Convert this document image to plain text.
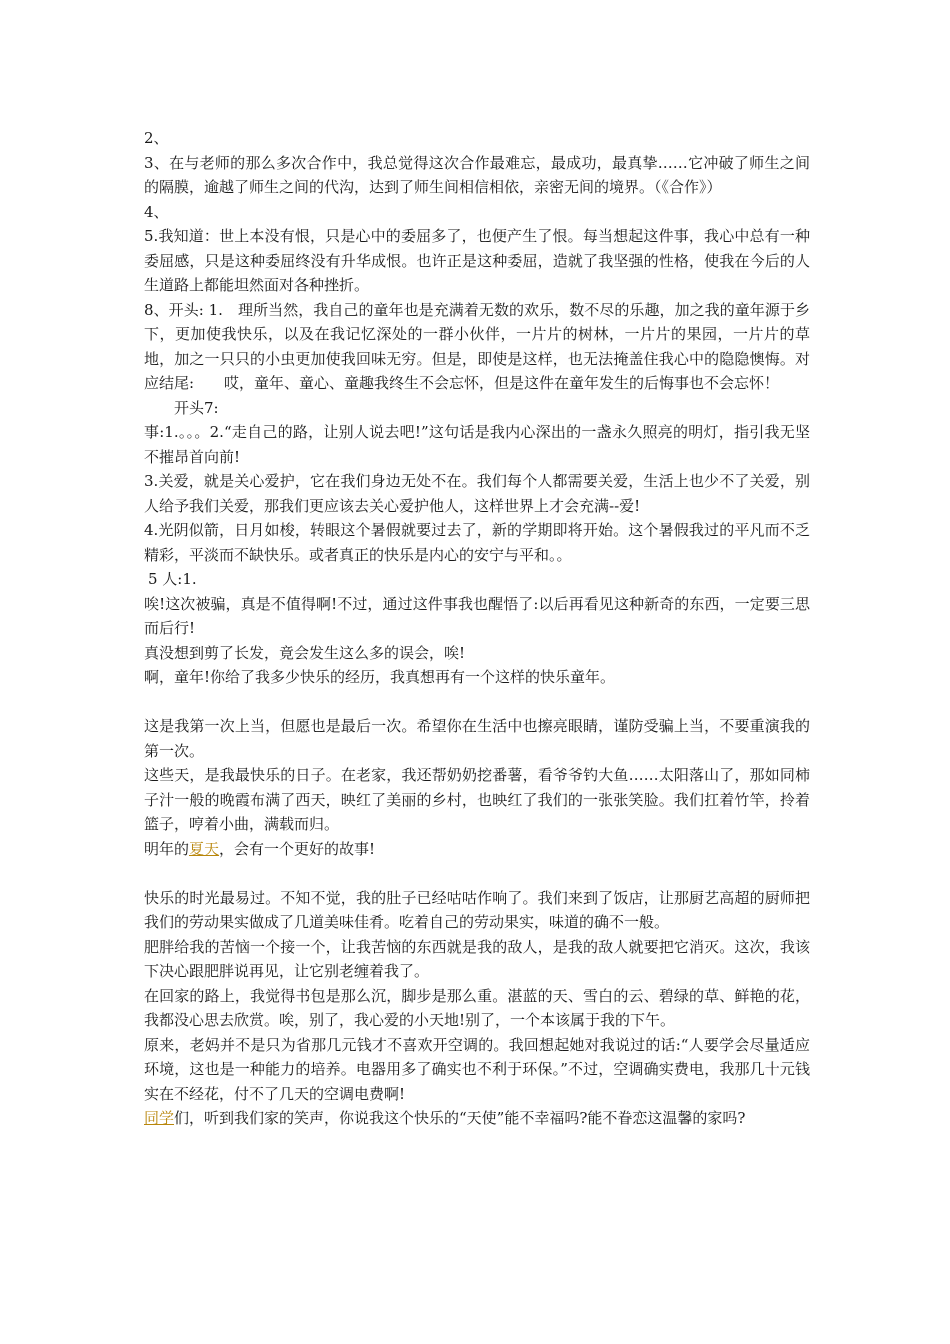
2、

3、在与老师的那么多次合作中，我总觉得这次合作最难忘，最成功，最真挚……它冲破了师生之间的隔膜，逾越了师生之间的代沟，达到了师生间相信相依，亲密无间的境界。（《合作》）

4、

5.我知道：世上本没有恨，只是心中的委屈多了，也便产生了恨。每当想起这件事，我心中总有一种委屈感，只是这种委屈终没有升华成恨。也许正是这种委屈，造就了我坚强的性格，使我在今后的人生道路上都能坦然面对各种挫折。

8、开头: 1.　理所当然，我自己的童年也是充满着无数的欢乐，数不尽的乐趣，加之我的童年源于乡下，更加使我快乐，以及在我记忆深处的一群小伙伴，一片片的树林，一片片的果园，一片片的草地，加之一只只的小虫更加使我回味无穷。但是，即使是这样，也无法掩盖住我心中的隐隐懊悔。对应结尾:　　哎，童年、童心、童趣我终生不会忘怀，但是这件在童年发生的后悔事也不会忘怀！

开头7:

事:1.。。。2.“走自己的路，让别人说去吧!”这句话是我内心深出的一盏永久照亮的明灯，指引我无坚不摧昂首向前!

3.关爱，就是关心爱护，它在我们身边无处不在。我们每个人都需要关爱，生活上也少不了关爱，别人给予我们关爱，那我们更应该去关心爱护他人，这样世界上才会充满--爱!

4.光阴似箭，日月如梭，转眼这个暑假就要过去了，新的学期即将开始。这个暑假我过的平凡而不乏精彩，平淡而不缺快乐。或者真正的快乐是内心的安宁与平和。。

5 人:1.

唉!这次被骗，真是不值得啊!不过，通过这件事我也醒悟了:以后再看见这种新奇的东西，一定要三思而后行!

真没想到剪了长发，竟会发生这么多的误会，唉!

啊，童年!你给了我多少快乐的经历，我真想再有一个这样的快乐童年。

这是我第一次上当，但愿也是最后一次。希望你在生活中也擦亮眼睛，谨防受骗上当，不要重演我的第一次。

这些天，是我最快乐的日子。在老家，我还帮奶奶挖番薯，看爷爷钓大鱼……太阳落山了，那如同柿子汁一般的晚霞布满了西天，映红了美丽的乡村，也映红了我们的一张张笑脸。我们扛着竹竿，拎着篮子，哼着小曲，满载而归。

明年的夏天，会有一个更好的故事!

快乐的时光最易过。不知不觉，我的肚子已经咕咕作响了。我们来到了饭店，让那厨艺高超的厨师把我们的劳动果实做成了几道美味佳肴。吃着自己的劳动果实，味道的确不一般。

肥胖给我的苦恼一个接一个，让我苦恼的东西就是我的敌人，是我的敌人就要把它消灭。这次，我该下决心跟肥胖说再见，让它别老缠着我了。

在回家的路上，我觉得书包是那么沉，脚步是那么重。湛蓝的天、雪白的云、碧绿的草、鲜艳的花，我都没心思去欣赏。唉，别了，我心爱的小天地!别了，一个本该属于我的下午。

原来，老妈并不是只为省那几元钱才不喜欢开空调的。我回想起她对我说过的话:“人要学会尽量适应环境，这也是一种能力的培养。电器用多了确实也不利于环保。”不过，空调确实费电，我那几十元钱实在不经花，付不了几天的空调电费啊!

同学们，听到我们家的笑声，你说我这个快乐的“天使”能不幸福吗?能不眷恋这温馨的家吗?
